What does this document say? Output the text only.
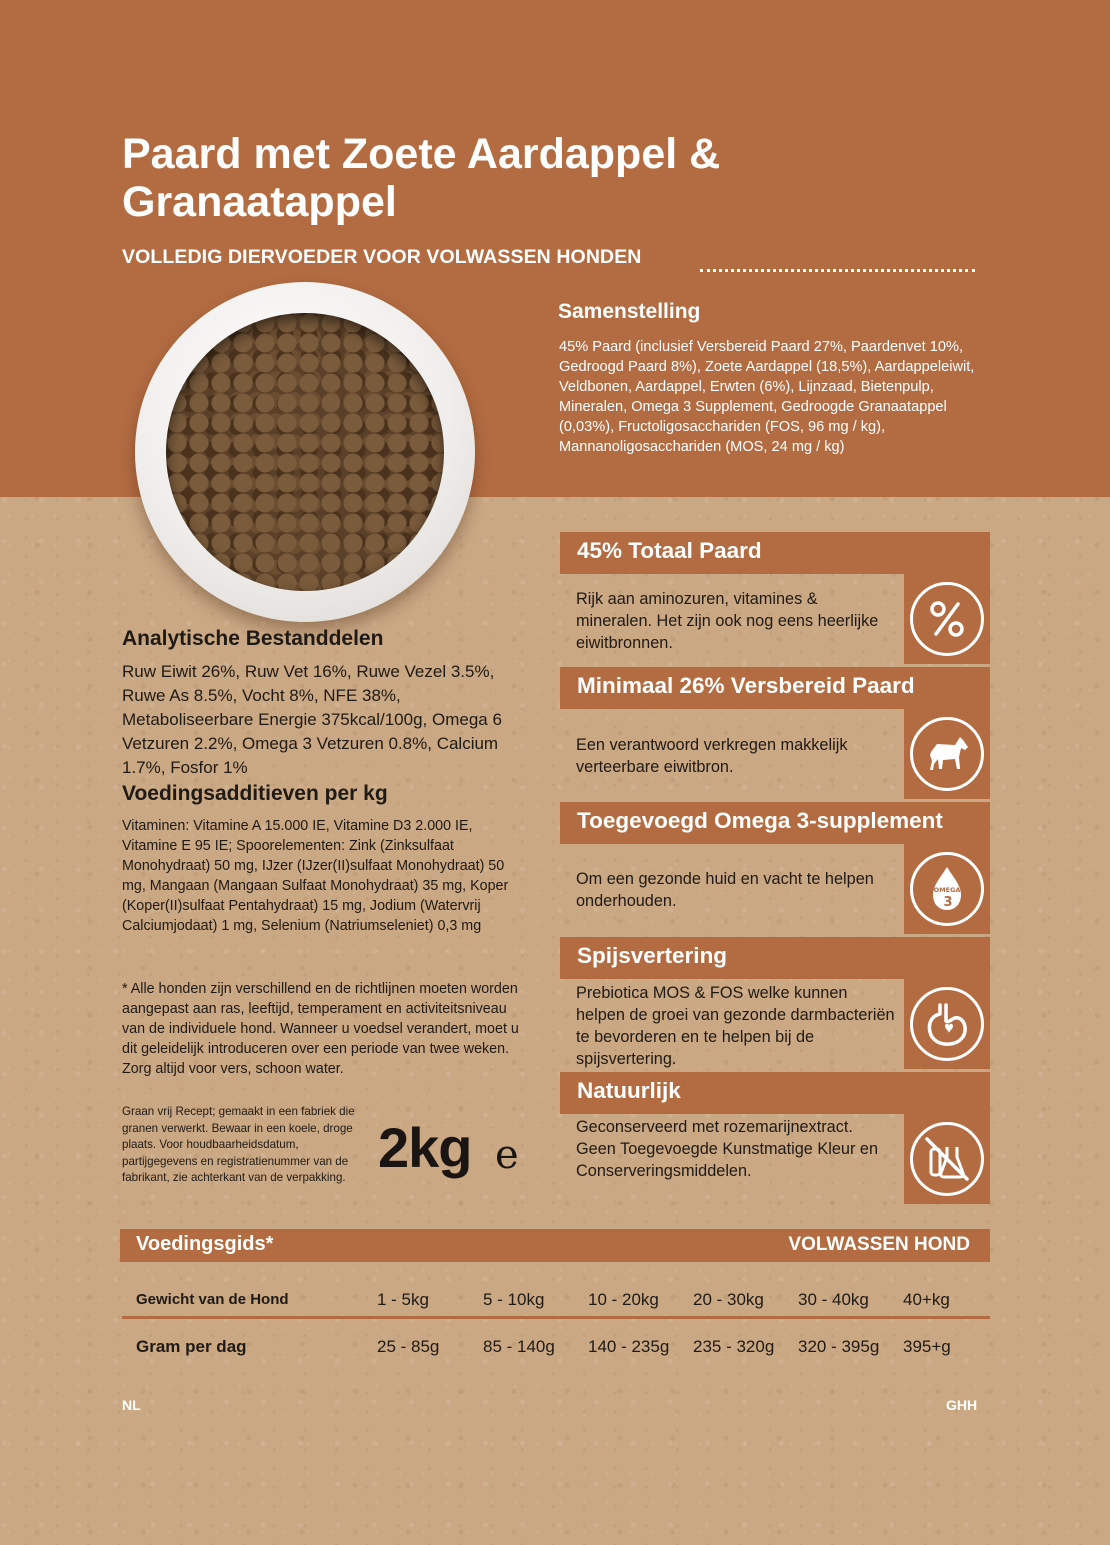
Paard met Zoete Aardappel & Granaatappel
VOLLEDIG DIERVOEDER VOOR VOLWASSEN HONDEN
Samenstelling
45% Paard (inclusief Versbereid Paard 27%, Paardenvet 10%, Gedroogd Paard 8%), Zoete Aardappel (18,5%), Aardappeleiwit, Veldbonen, Aardappel, Erwten (6%), Lijnzaad, Bietenpulp, Mineralen, Omega 3 Supplement, Gedroogde Granaatappel (0,03%), Fructoligosacchariden (FOS, 96 mg / kg), Mannanoligosacchariden (MOS, 24 mg / kg)
45% Totaal Paard
Rijk aan aminozuren, vitamines & mineralen. Het zijn ook nog eens heerlijke eiwitbronnen.
Minimaal 26% Versbereid Paard
Een verantwoord verkregen makkelijk verteerbare eiwitbron.
Toegevoegd Omega 3-supplement
OMEGA
3
Om een gezonde huid en vacht te helpen onderhouden.
Spijsvertering
Prebiotica MOS & FOS welke kunnen helpen de groei van gezonde darmbacteriën te bevorderen en te helpen bij de spijsvertering.
Natuurlijk
Geconserveerd met rozemarijnextract. Geen Toegevoegde Kunstmatige Kleur en Conserveringsmiddelen.
Analytische Bestanddelen
Ruw Eiwit 26%, Ruw Vet 16%, Ruwe Vezel 3.5%, Ruwe As 8.5%, Vocht 8%, NFE 38%, Metaboliseerbare Energie 375kcal/100g, Omega 6 Vetzuren 2.2%, Omega 3 Vetzuren 0.8%, Calcium 1.7%, Fosfor 1%
Voedingsadditieven per kg
Vitaminen: Vitamine A 15.000 IE, Vitamine D3 2.000 IE, Vitamine E 95 IE; Spoorelementen: Zink (Zinksulfaat Monohydraat) 50 mg, IJzer (IJzer(II)sulfaat Monohydraat) 50 mg, Mangaan (Mangaan Sulfaat Monohydraat) 35 mg, Koper (Koper(II)sulfaat Pentahydraat) 15 mg, Jodium (Watervrij Calciumjodaat) 1 mg, Selenium (Natriumseleniet) 0,3 mg
* Alle honden zijn verschillend en de richtlijnen moeten worden aangepast aan ras, leeftijd, temperament en activiteitsniveau van de individuele hond. Wanneer u voedsel verandert, moet u dit geleidelijk introduceren over een periode van twee weken. Zorg altijd voor vers, schoon water.
Graan vrij Recept; gemaakt in een fabriek die granen verwerkt. Bewaar in een koele, droge plaats. Voor houdbaarheidsdatum, partijgegevens en registratienummer van de fabrikant, zie achterkant van de verpakking. 2kg e
Voedingsgids*	VOLWASSEN HOND
Gewicht van de Hond	1 - 5kg	5 - 10kg	10 - 20kg 20 - 30kg 30 - 40kg 40+kg
Gram per dag	25 - 85g	85 - 140g 140 - 235g 235 - 320g 320 - 395g 395+g
NL	GHH
